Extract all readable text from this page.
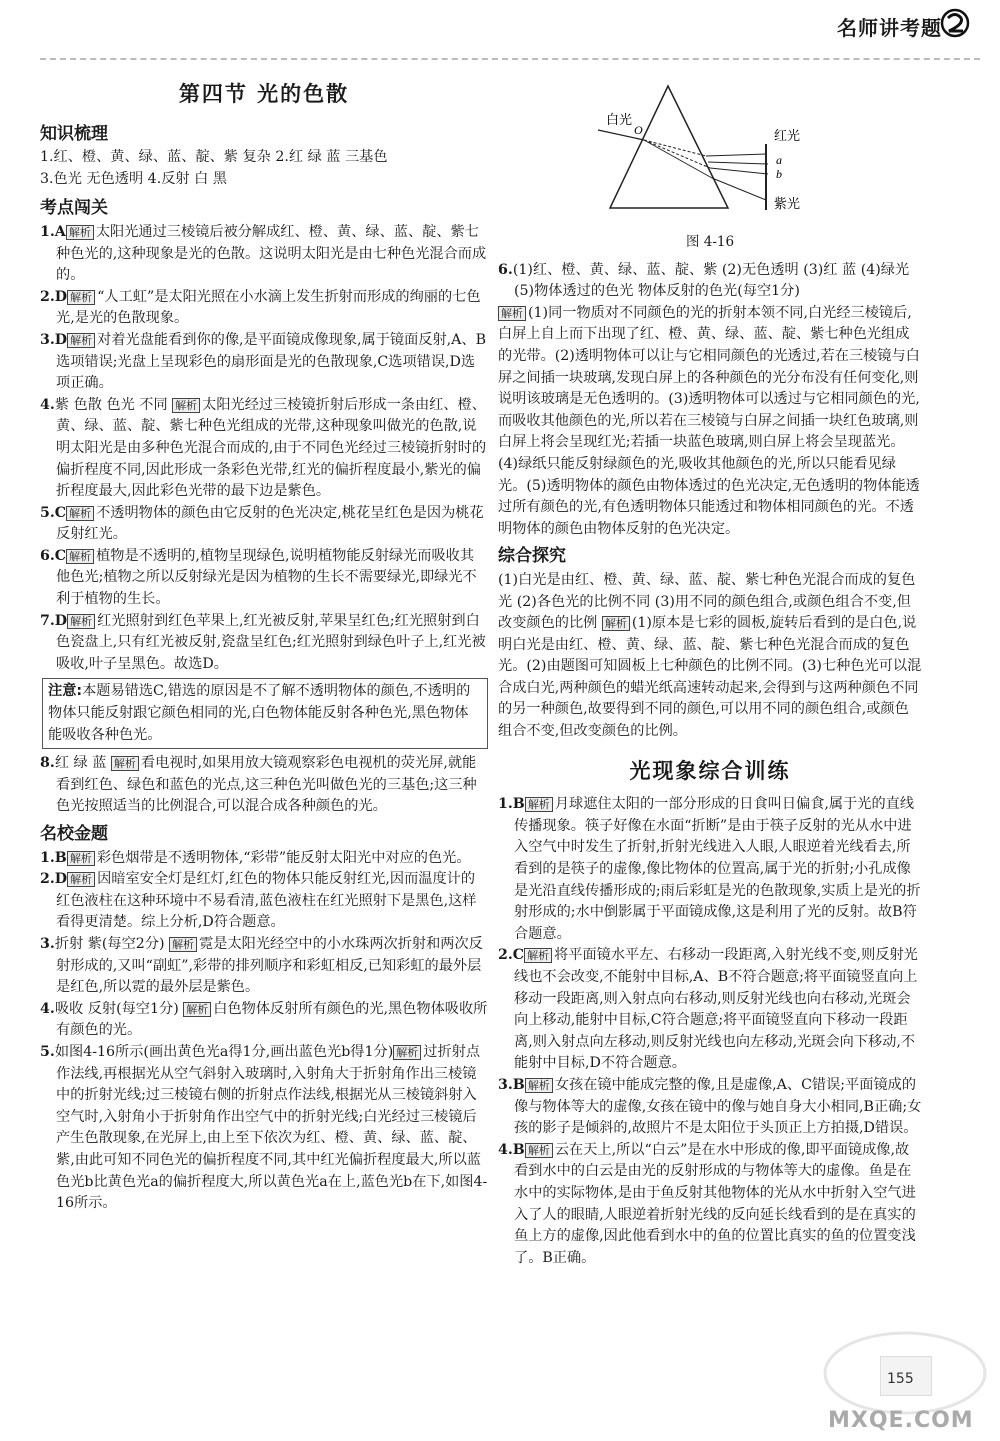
名师讲考题
第四节 光的色散
知识梳理

1.红、橙、黄、绿、蓝、靛、紫 复杂 2.红 绿 蓝 三基色

3.色光 无色透明 4.反射 白 黑

考点闯关

1.A 解析 太阳光通过三棱镜后被分解成红、橙、黄、绿、蓝、靛、紫七种色光的,这种现象是光的色散。这说明太阳光是由七种色光混合而成的。

2.D 解析 “人工虹”是太阳光照在小水滴上发生折射而形成的绚丽的七色光,是光的色散现象。

3.D 解析 对着光盘能看到你的像,是平面镜成像现象,属于镜面反射,A、B选项错误;光盘上呈现彩色的扇形面是光的色散现象,C选项错误,D选项正确。

4.紫 色散 色光 不同 解析 太阳光经过三棱镜折射后形成一条由红、橙、黄、绿、蓝、靛、紫七种色光组成的光带,这种现象叫做光的色散,说明太阳光是由多种色光混合而成的,由于不同色光经过三棱镜折射时的偏折程度不同,因此形成一条彩色光带,红光的偏折程度最小,紫光的偏折程度最大,因此彩色光带的最下边是紫色。

5.C 解析 不透明物体的颜色由它反射的色光决定,桃花呈红色是因为桃花反射红光。

6.C 解析 植物是不透明的,植物呈现绿色,说明植物能反射绿光而吸收其他色光;植物之所以反射绿光是因为植物的生长不需要绿光,即绿光不利于植物的生长。

7.D 解析 红光照射到红色苹果上,红光被反射,苹果呈红色;红光照射到白色瓷盘上,只有红光被反射,瓷盘呈红色;红光照射到绿色叶子上,红光被吸收,叶子呈黑色。故选D。

注意:本题易错选C,错选的原因是不了解不透明物体的颜色,不透明的物体只能反射跟它颜色相同的光,白色物体能反射各种色光,黑色物体能吸收各种色光。

8.红 绿 蓝 解析 看电视时,如果用放大镜观察彩色电视机的荧光屏,就能看到红色、绿色和蓝色的光点,这三种色光叫做色光的三基色;这三种色光按照适当的比例混合,可以混合成各种颜色的光。

名校金题

1.B 解析 彩色烟带是不透明物体,“彩带”能反射太阳光中对应的色光。

2.D 解析 因暗室安全灯是红灯,红色的物体只能反射红光,因而温度计的红色液柱在这种环境中不易看清,蓝色液柱在红光照射下是黑色,这样看得更清楚。综上分析,D符合题意。

3.折射 紫(每空2分) 解析 霓是太阳光经空中的小水珠两次折射和两次反射形成的,又叫“副虹”,彩带的排列顺序和彩虹相反,已知彩虹的最外层是红色,所以霓的最外层是紫色。

4.吸收 反射(每空1分) 解析 白色物体反射所有颜色的光,黑色物体吸收所有颜色的光。

5.如图4-16所示(画出黄色光a得1分,画出蓝色光b得1分) 解析 过折射点作法线,再根据光从空气斜射入玻璃时,入射角大于折射角作出三棱镜中的折射光线;过三棱镜右侧的折射点作法线,根据光从三棱镜斜射入空气时,入射角小于折射角作出空气中的折射光线;白光经过三棱镜后产生色散现象,在光屏上,由上至下依次为红、橙、黄、绿、蓝、靛、紫,由此可知不同色光的偏折程度不同,其中红光偏折程度最大,所以蓝色光b比黄色光a的偏折程度大,所以黄色光a在上,蓝色光b在下,如图4-16所示。

白光
O	红光
a
b
紫光
图 4-16

6.(1)红、橙、黄、绿、蓝、靛、紫 (2)无色透明 (3)红 蓝 (4)绿光 (5)物体透过的色光 物体反射的色光(每空1分)

解析 (1)同一物质对不同颜色的光的折射本领不同,白光经三棱镜后,白屏上自上而下出现了红、橙、黄、绿、蓝、靛、紫七种色光组成的光带。(2)透明物体可以让与它相同颜色的光透过,若在三棱镜与白屏之间插一块玻璃,发现白屏上的各种颜色的光分布没有任何变化,则说明该玻璃是无色透明的。(3)透明物体可以透过与它相同颜色的光,而吸收其他颜色的光,所以若在三棱镜与白屏之间插一块红色玻璃,则白屏上将会呈现红光;若插一块蓝色玻璃,则白屏上将会呈现蓝光。(4)绿纸只能反射绿颜色的光,吸收其他颜色的光,所以只能看见绿光。(5)透明物体的颜色由物体透过的色光决定,无色透明的物体能透过所有颜色的光,有色透明物体只能透过和物体相同颜色的光。不透明物体的颜色由物体反射的色光决定。

综合探究

(1)白光是由红、橙、黄、绿、蓝、靛、紫七种色光混合而成的复色光 (2)各色光的比例不同 (3)用不同的颜色组合,或颜色组合不变,但改变颜色的比例 解析 (1)原本是七彩的圆板,旋转后看到的是白色,说明白光是由红、橙、黄、绿、蓝、靛、紫七种色光混合而成的复色光。(2)由题图可知圆板上七种颜色的比例不同。(3)七种色光可以混合成白光,两种颜色的蜡光纸高速转动起来,会得到与这两种颜色不同的另一种颜色,故要得到不同的颜色,可以用不同的颜色组合,或颜色组合不变,但改变颜色的比例。

光现象综合训练

1.B 解析 月球遮住太阳的一部分形成的日食叫日偏食,属于光的直线传播现象。筷子好像在水面“折断”是由于筷子反射的光从水中进入空气中时发生了折射,折射光线进入人眼,人眼逆着光线看去,所看到的是筷子的虚像,像比物体的位置高,属于光的折射;小孔成像是光沿直线传播形成的;雨后彩虹是光的色散现象,实质上是光的折射形成的;水中倒影属于平面镜成像,这是利用了光的反射。故B符合题意。

2.C 解析 将平面镜水平左、右移动一段距离,入射光线不变,则反射光线也不会改变,不能射中目标,A、B不符合题意;将平面镜竖直向上移动一段距离,则入射点向右移动,则反射光线也向右移动,光斑会向上移动,能射中目标,C符合题意;将平面镜竖直向下移动一段距离,则入射点向左移动,则反射光线也向左移动,光斑会向下移动,不能射中目标,D不符合题意。

3.B 解析 女孩在镜中能成完整的像,且是虚像,A、C错误;平面镜成的像与物体等大的虚像,女孩在镜中的像与她自身大小相同,B正确;女孩的影子是倾斜的,故照片不是太阳位于头顶正上方拍摄,D错误。

4.B 解析 云在天上,所以“白云”是在水中形成的像,即平面镜成像,故看到水中的白云是由光的反射形成的与物体等大的虚像。鱼是在水中的实际物体,是由于鱼反射其他物体的光从水中折射入空气进入了人的眼睛,人眼逆着折射光线的反向延长线看到的是在真实的鱼上方的虚像,因此他看到水中的鱼的位置比真实的鱼的位置变浅了。B正确。

155
MXQE.COM
